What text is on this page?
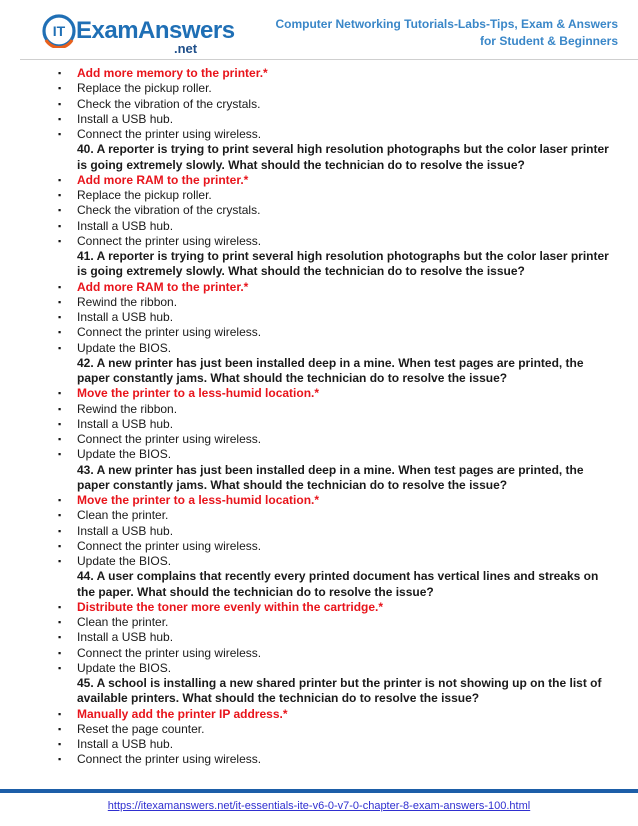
IT ExamAnswers
.net
Computer Networking Tutorials-Labs-Tips, Exam & Answers
for Student & Beginners
▪ Add more memory to the printer.*
▪ Replace the pickup roller.
▪ Check the vibration of the crystals.
▪ Install a USB hub.
▪ Connect the printer using wireless.
40. A reporter is trying to print several high resolution photographs but the color laser printer
is going extremely slowly. What should the technician do to resolve the issue?
▪ Add more RAM to the printer.*
▪ Replace the pickup roller.
▪ Check the vibration of the crystals.
▪ Install a USB hub.
▪ Connect the printer using wireless.
41. A reporter is trying to print several high resolution photographs but the color laser printer
is going extremely slowly. What should the technician do to resolve the issue?
▪ Add more RAM to the printer.*
▪ Rewind the ribbon.
▪ Install a USB hub.
▪ Connect the printer using wireless.
▪ Update the BIOS.
42. A new printer has just been installed deep in a mine. When test pages are printed, the
paper constantly jams. What should the technician do to resolve the issue?
▪ Move the printer to a less-humid location.*
▪ Rewind the ribbon.
▪ Install a USB hub.
▪ Connect the printer using wireless.
▪ Update the BIOS.
43. A new printer has just been installed deep in a mine. When test pages are printed, the
paper constantly jams. What should the technician do to resolve the issue?
▪ Move the printer to a less-humid location.*
▪ Clean the printer.
▪ Install a USB hub.
▪ Connect the printer using wireless.
▪ Update the BIOS.
44. A user complains that recently every printed document has vertical lines and streaks on
the paper. What should the technician do to resolve the issue?
▪ Distribute the toner more evenly within the cartridge.*
▪ Clean the printer.
▪ Install a USB hub.
▪ Connect the printer using wireless.
▪ Update the BIOS.
45. A school is installing a new shared printer but the printer is not showing up on the list of
available printers. What should the technician do to resolve the issue?
▪ Manually add the printer IP address.*
▪ Reset the page counter.
▪ Install a USB hub.
▪ Connect the printer using wireless.
https://itexamanswers.net/it-essentials-ite-v6-0-v7-0-chapter-8-exam-answers-100.html
